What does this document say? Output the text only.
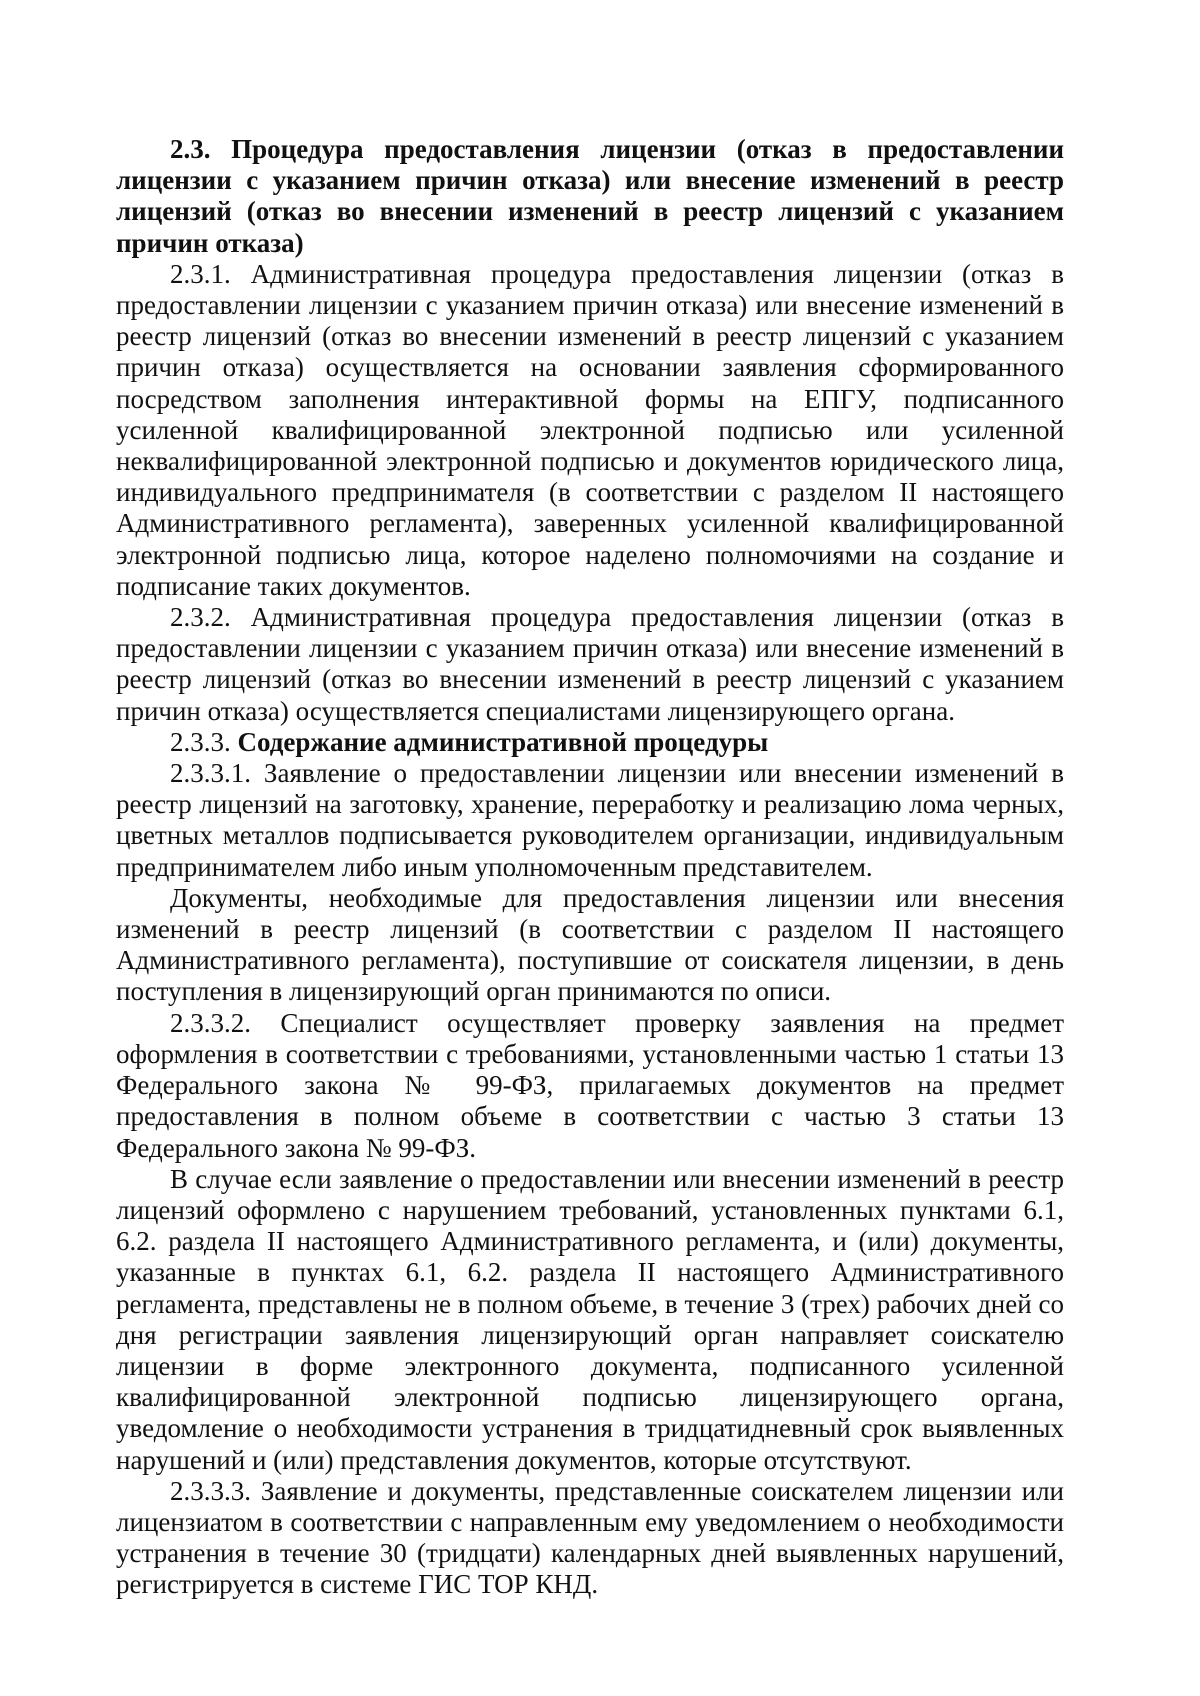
2.3. Процедура предоставления лицензии (отказ в предоставлении лицензии с указанием причин отказа) или внесение изменений в реестр лицензий (отказ во внесении изменений в реестр лицензий с указанием причин отказа)

2.3.1. Административная процедура предоставления лицензии (отказ в предоставлении лицензии с указанием причин отказа) или внесение изменений в реестр лицензий (отказ во внесении изменений в реестр лицензий с указанием причин отказа) осуществляется на основании заявления сформированного посредством заполнения интерактивной формы на ЕПГУ, подписанного усиленной квалифицированной электронной подписью или усиленной неквалифицированной электронной подписью и документов юридического лица, индивидуального предпринимателя (в соответствии с разделом II настоящего Административного регламента), заверенных усиленной квалифицированной электронной подписью лица, которое наделено полномочиями на создание и подписание таких документов.

2.3.2. Административная процедура предоставления лицензии (отказ в предоставлении лицензии с указанием причин отказа) или внесение изменений в реестр лицензий (отказ во внесении изменений в реестр лицензий с указанием причин отказа) осуществляется специалистами лицензирующего органа.

2.3.3. Содержание административной процедуры

2.3.3.1. Заявление о предоставлении лицензии или внесении изменений в реестр лицензий на заготовку, хранение, переработку и реализацию лома черных, цветных металлов подписывается руководителем организации, индивидуальным предпринимателем либо иным уполномоченным представителем.

Документы, необходимые для предоставления лицензии или внесения изменений в реестр лицензий (в соответствии с разделом II настоящего Административного регламента), поступившие от соискателя лицензии, в день поступления в лицензирующий орган принимаются по описи.

2.3.3.2. Специалист осуществляет проверку заявления на предмет оформления в соответствии с требованиями, установленными частью 1 статьи 13 Федерального закона № 99-ФЗ, прилагаемых документов на предмет предоставления в полном объеме в соответствии с частью 3 статьи 13 Федерального закона № 99-ФЗ.

В случае если заявление о предоставлении или внесении изменений в реестр лицензий оформлено с нарушением требований, установленных пунктами 6.1, 6.2. раздела II настоящего Административного регламента, и (или) документы, указанные в пунктах 6.1, 6.2. раздела II настоящего Административного регламента, представлены не в полном объеме, в течение 3 (трех) рабочих дней со дня регистрации заявления лицензирующий орган направляет соискателю лицензии в форме электронного документа, подписанного усиленной квалифицированной электронной подписью лицензирующего органа, уведомление о необходимости устранения в тридцатидневный срок выявленных нарушений и (или) представления документов, которые отсутствуют.

2.3.3.3. Заявление и документы, представленные соискателем лицензии или лицензиатом в соответствии с направленным ему уведомлением о необходимости устранения в течение 30 (тридцати) календарных дней выявленных нарушений, регистрируется в системе ГИС ТОР КНД.
